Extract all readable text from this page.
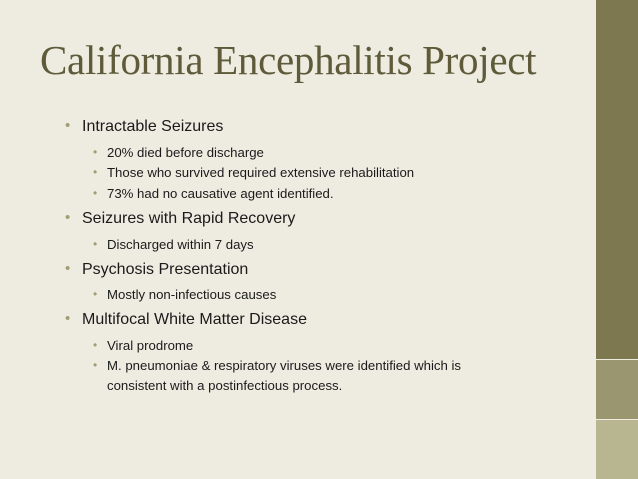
California Encephalitis Project
• Intractable Seizures
• 20% died before discharge
• Those who survived required extensive rehabilitation
• 73% had no causative agent identified.
• Seizures with Rapid Recovery
• Discharged within 7 days
• Psychosis Presentation
• Mostly non-infectious causes
• Multifocal White Matter Disease
• Viral prodrome
• M. pneumoniae & respiratory viruses were identified which is
consistent with a postinfectious process.
